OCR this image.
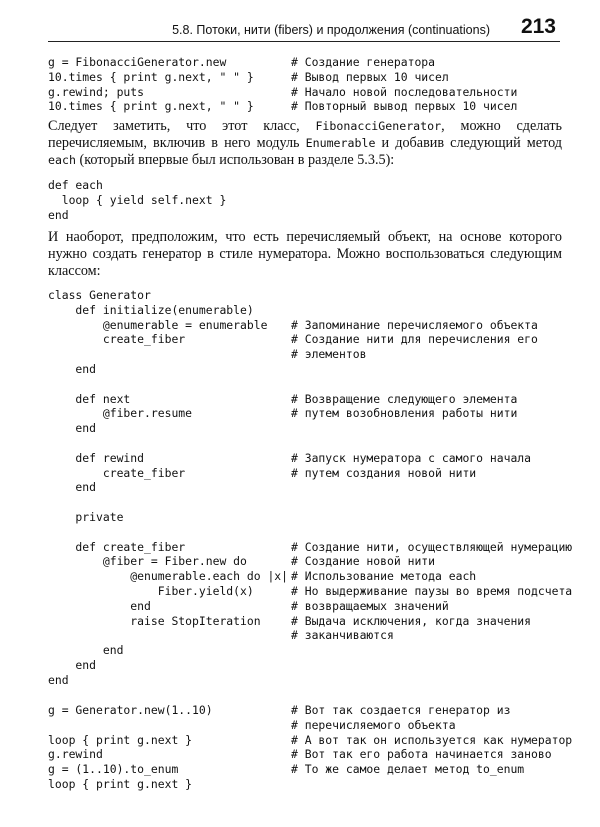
5.8. Потоки, нити (fibers) и продолжения (continuations) 213
g = FibonacciGenerator.new	# Создание генератора
10.times { print g.next, " " }	# Вывод первых 10 чисел
g.rewind; puts	# Начало новой последовательности
10.times { print g.next, " " }	# Повторный вывод первых 10 чисел
Следует заметить, что этот класс, FibonacciGenerator, можно сделать перечисляемым, включив в него модуль Enumerable и добавив следующий метод each (который впервые был использован в разделе 5.3.5):
def each
loop { yield self.next }
end
И наоборот, предположим, что есть перечисляемый объект, на основе которого нужно создать генератор в стиле нумератора. Можно воспользоваться следующим классом:
class Generator
def initialize(enumerable)
@enumerable = enumerable # Запоминание перечисляемого объекта
create_fiber	# Создание нити для перечисления его
# элементов
end
def next	# Возвращение следующего элемента
@fiber.resume	# путем возобновления работы нити
end
def rewind	# Запуск нумератора с самого начала
create_fiber	# путем создания новой нити
end
private
def create_fiber	# Создание нити, осуществляющей нумерацию
@fiber = Fiber.new do	# Создание новой нити
@enumerable.each do |x| # Использование метода each
Fiber.yield(x)	# Но выдерживание паузы во время подсчета
end	# возвращаемых значений
raise StopIteration	# Выдача исключения, когда значения
# заканчиваются
end
end
end
g = Generator.new(1..10)	# Вот так создается генератор из
# перечисляемого объекта
loop { print g.next }	# А вот так он используется как нумератор
g.rewind	# Вот так его работа начинается заново
g = (1..10).to_enum	# То же самое делает метод to_enum
loop { print g.next }
